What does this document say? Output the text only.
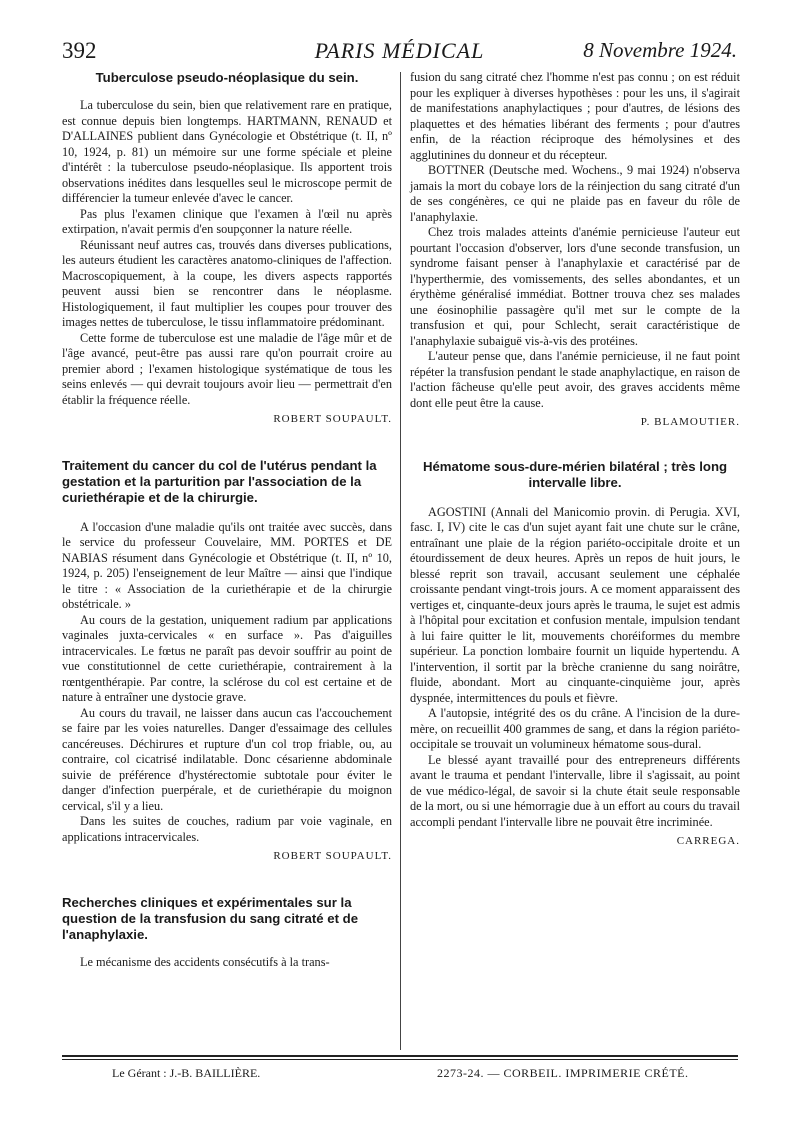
392	PARIS MÉDICAL	8 Novembre 1924.
Tuberculose pseudo-néoplasique du sein.

La tuberculose du sein, bien que relativement rare en pratique, est connue depuis bien longtemps. HARTMANN, RENAUD et D'ALLAINES publient dans Gynécologie et Obstétrique (t. II, nº 10, 1924, p. 81) un mémoire sur une forme spéciale et pleine d'intérêt : la tuberculose pseudo-néoplasique. Ils apportent trois observations inédites dans lesquelles seul le microscope permit de différencier la tumeur enlevée d'avec le cancer.

Pas plus l'examen clinique que l'examen à l'œil nu après extirpation, n'avait permis d'en soupçonner la nature réelle.

Réunissant neuf autres cas, trouvés dans diverses publications, les auteurs étudient les caractères anatomo-cliniques de l'affection. Macroscopiquement, à la coupe, les divers aspects rapportés peuvent aussi bien se rencontrer dans le néoplasme. Histologiquement, il faut multiplier les coupes pour trouver des images nettes de tuberculose, le tissu inflammatoire prédominant.

Cette forme de tuberculose est une maladie de l'âge mûr et de l'âge avancé, peut-être pas aussi rare qu'on pourrait croire au premier abord ; l'examen histologique systématique de tous les seins enlevés — qui devrait toujours avoir lieu — permettrait d'en établir la fréquence réelle.

ROBERT SOUPAULT.

Traitement du cancer du col de l'utérus pendant la gestation et la parturition par l'association de la curiethérapie et de la chirurgie.

A l'occasion d'une maladie qu'ils ont traitée avec succès, dans le service du professeur Couvelaire, MM. PORTES et DE NABIAS résument dans Gynécologie et Obstétrique (t. II, nº 10, 1924, p. 205) l'enseignement de leur Maître — ainsi que l'indique le titre : « Association de la curiethérapie et de la chirurgie obstétricale. »

Au cours de la gestation, uniquement radium par applications vaginales juxta-cervicales « en surface ». Pas d'aiguilles intracervicales. Le fœtus ne paraît pas devoir souffrir au point de vue constitutionnel de cette curiethérapie, contrairement à la rœntgenthérapie. Par contre, la sclérose du col est certaine et de nature à entraîner une dystocie grave.

Au cours du travail, ne laisser dans aucun cas l'accouchement se faire par les voies naturelles. Danger d'essaimage des cellules cancéreuses. Déchirures et rupture d'un col trop friable, ou, au contraire, col cicatrisé indilatable. Donc césarienne abdominale suivie de préférence d'hystérectomie subtotale pour éviter le danger d'infection puerpérale, et de curiethérapie du moignon cervical, s'il y a lieu.

Dans les suites de couches, radium par voie vaginale, en applications intracervicales.

ROBERT SOUPAULT.

Recherches cliniques et expérimentales sur la question de la transfusion du sang citraté et de l'anaphylaxie.

Le mécanisme des accidents consécutifs à la trans-

fusion du sang citraté chez l'homme n'est pas connu ; on est réduit pour les expliquer à diverses hypothèses : pour les uns, il s'agirait de manifestations anaphylactiques ; pour d'autres, de lésions des plaquettes et des hématies libérant des ferments ; pour d'autres enfin, de la réaction réciproque des hémolysines et des agglutinines du donneur et du récepteur.

BOTTNER (Deutsche med. Wochens., 9 mai 1924) n'observa jamais la mort du cobaye lors de la réinjection du sang citraté d'un de ses congénères, ce qui ne plaide pas en faveur du rôle de l'anaphylaxie.

Chez trois malades atteints d'anémie pernicieuse l'auteur eut pourtant l'occasion d'observer, lors d'une seconde transfusion, un syndrome faisant penser à l'anaphylaxie et caractérisé par de l'hyperthermie, des vomissements, des selles abondantes, et un érythème généralisé immédiat. Bottner trouva chez ses malades une éosinophilie passagère qu'il met sur le compte de la transfusion et qui, pour Schlecht, serait caractéristique de l'anaphylaxie subaiguë vis-à-vis des protéines.

L'auteur pense que, dans l'anémie pernicieuse, il ne faut point répéter la transfusion pendant le stade anaphylactique, en raison de l'action fâcheuse qu'elle peut avoir, des graves accidents même dont elle peut être la cause.

P. BLAMOUTIER.

Hématome sous-dure-mérien bilatéral ; très long intervalle libre.

AGOSTINI (Annali del Manicomio provin. di Perugia. XVI, fasc. I, IV) cite le cas d'un sujet ayant fait une chute sur le crâne, entraînant une plaie de la région pariéto-occipitale droite et un étourdissement de deux heures. Après un repos de huit jours, le blessé reprit son travail, accusant seulement une céphalée croissante pendant vingt-trois jours. A ce moment apparaissent des vertiges et, cinquante-deux jours après le trauma, le sujet est admis à l'hôpital pour excitation et confusion mentale, impulsion tendant à lui faire quitter le lit, mouvements choréiformes du membre supérieur. La ponction lombaire fournit un liquide hypertendu. A l'intervention, il sortit par la brèche cranienne du sang noirâtre, fluide, abondant. Mort au cinquante-cinquième jour, après dyspnée, intermittences du pouls et fièvre.

A l'autopsie, intégrité des os du crâne. A l'incision de la dure-mère, on recueillit 400 grammes de sang, et dans la région pariéto-occipitale se trouvait un volumineux hématome sous-dural.

Le blessé ayant travaillé pour des entrepreneurs différents avant le trauma et pendant l'intervalle, libre il s'agissait, au point de vue médico-légal, de savoir si la chute était seule responsable de la mort, ou si une hémorragie due à un effort au cours du travail accompli pendant l'intervalle libre ne pouvait être incriminée.

CARREGA.

Le Gérant : J.-B. BAILLIÈRE.	2273-24. — CORBEIL. IMPRIMERIE CRÉTÉ.
